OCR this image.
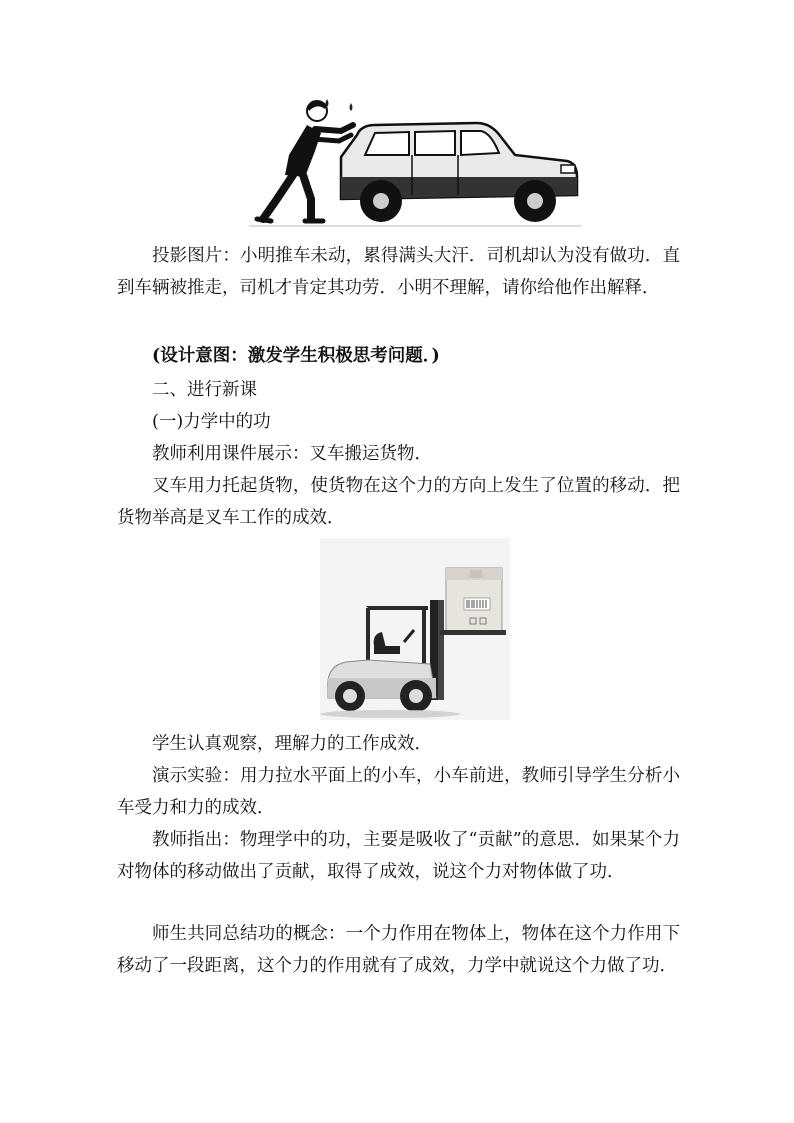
投影图片：小明推车未动，累得满头大汗．司机却认为没有做功．直到车辆被推走，司机才肯定其功劳．小明不理解，请你给他作出解释．

(设计意图：激发学生积极思考问题．)

二、进行新课

(一)力学中的功

教师利用课件展示：叉车搬运货物．

叉车用力托起货物，使货物在这个力的方向上发生了位置的移动．把货物举高是叉车工作的成效．

学生认真观察，理解力的工作成效．

演示实验：用力拉水平面上的小车，小车前进，教师引导学生分析小车受力和力的成效．

教师指出：物理学中的功，主要是吸收了“贡献”的意思．如果某个力对物体的移动做出了贡献，取得了成效，说这个力对物体做了功．

师生共同总结功的概念：一个力作用在物体上，物体在这个力作用下移动了一段距离，这个力的作用就有了成效，力学中就说这个力做了功．
